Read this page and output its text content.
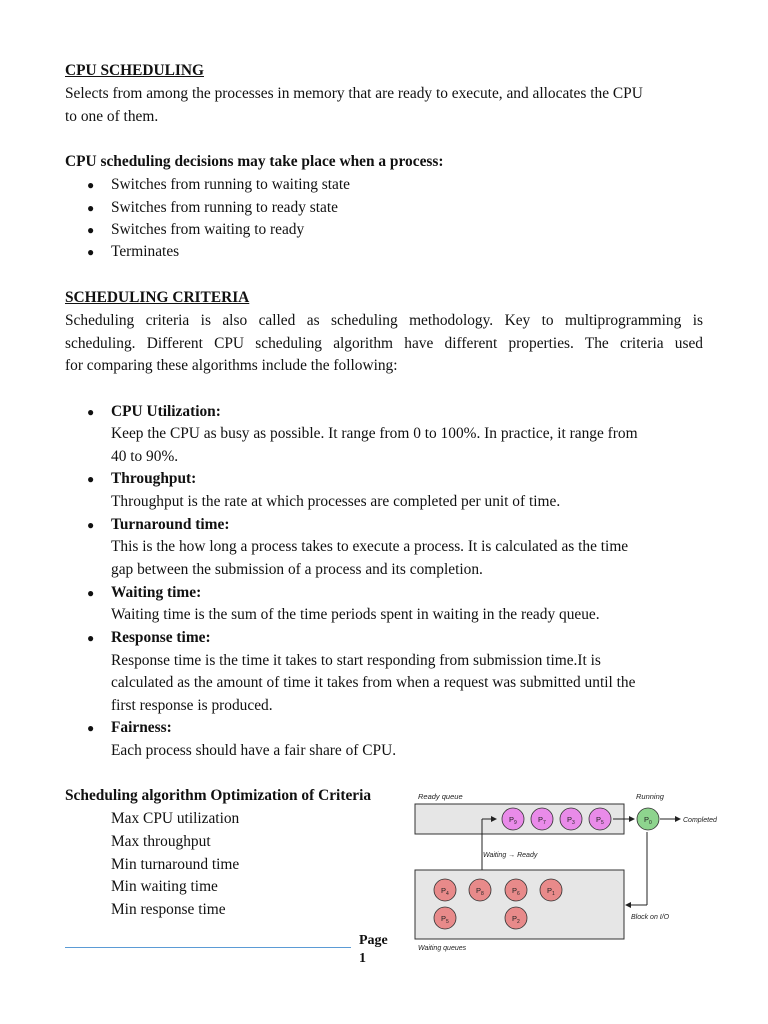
CPU SCHEDULING
Selects from among the processes in memory that are ready to execute, and allocates the CPU
to one of them.
CPU scheduling decisions may take place when a process:
● Switches from running to waiting state
● Switches from running to ready state
● Switches from waiting to ready
● Terminates
SCHEDULING CRITERIA
Scheduling criteria is also called as scheduling methodology. Key to multiprogramming is
scheduling. Different CPU scheduling algorithm have different properties. The criteria used
for comparing these algorithms include the following:
● CPU Utilization:
Keep the CPU as busy as possible. It range from 0 to 100%. In practice, it range from
40 to 90%.
● Throughput:
Throughput is the rate at which processes are completed per unit of time.
● Turnaround time:
This is the how long a process takes to execute a process. It is calculated as the time
gap between the submission of a process and its completion.
● Waiting time:
Waiting time is the sum of the time periods spent in waiting in the ready queue.
● Response time:
Response time is the time it takes to start responding from submission time.It is
calculated as the amount of time it takes from when a request was submitted until the
first response is produced.
● Fairness:
Each process should have a fair share of CPU.
Scheduling algorithm Optimization of Criteria
Max CPU utilization
Max throughput
Min turnaround time
Min waiting time
Min response time
Ready queue	Running
$P_9$	$P_7$	$P_3$	$P_5$	$P_0$	Completed
Waiting → Ready
$P_4$	$P_8$	$P_6$	$P_1$
$P_5$	$P_2$
Block on I/O
Waiting queues
Page
1
